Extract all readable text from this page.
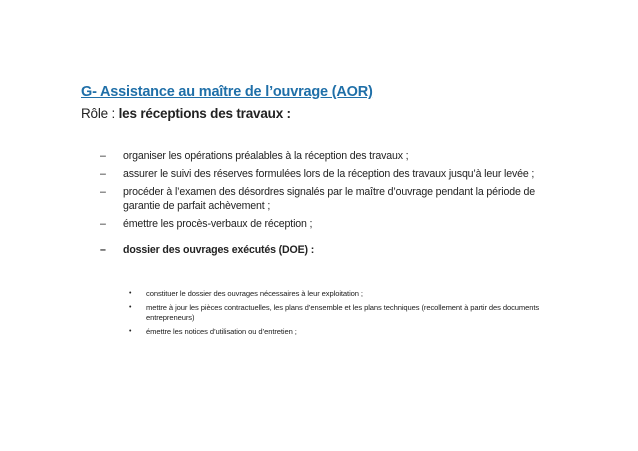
G- Assistance au maître de l’ouvrage (AOR)
Rôle : les réceptions des travaux :
– organiser les opérations préalables à la réception des travaux ;
– assurer le suivi des réserves formulées lors de la réception des travaux jusqu’à leur levée ;
– procéder à l’examen des désordres signalés par le maître d’ouvrage pendant la période de garantie de parfait achèvement ;
– émettre les procès-verbaux de réception ;
– dossier des ouvrages exécutés (DOE) :
• constituer le dossier des ouvrages nécessaires à leur exploitation ;
• mettre à jour les pièces contractuelles, les plans d’ensemble et les plans techniques (recollement à partir des documents entrepreneurs)
• émettre les notices d’utilisation ou d’entretien ;
